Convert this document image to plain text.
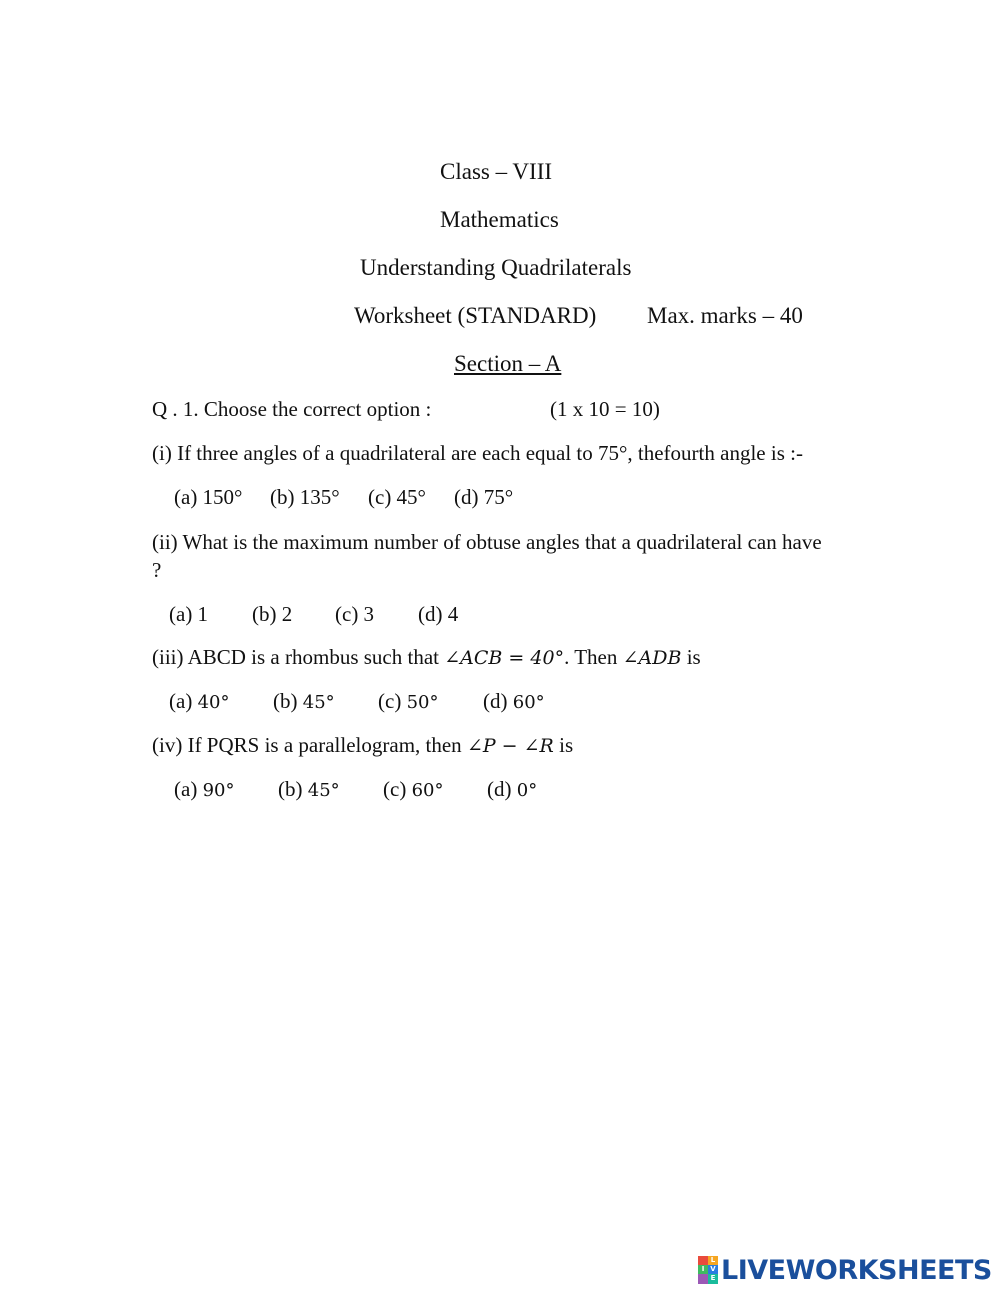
Class – VIII
Mathematics
Understanding Quadrilaterals
Worksheet (STANDARD) Max. marks – 40
Section – A
Q . 1. Choose the correct option :	(1 x 10 = 10)
(i) If three angles of a quadrilateral are each equal to 75°, thefourth angle is :-
(a) 150° (b) 135° (c) 45° (d) 75°
(ii) What is the maximum number of obtuse angles that a quadrilateral can have
?
(a) 1 (b) 2 (c) 3 (d) 4
(iii) ABCD is a rhombus such that ∠ACB = 40°. Then ∠ADB is
(a) 40° (b) 45° (c) 50° (d) 60°
(iv) If PQRS is a parallelogram, then ∠P − ∠R is
(a) 90° (b) 45° (c) 60° (d) 0°
L
I V
E LIVEWORKSHEETS
